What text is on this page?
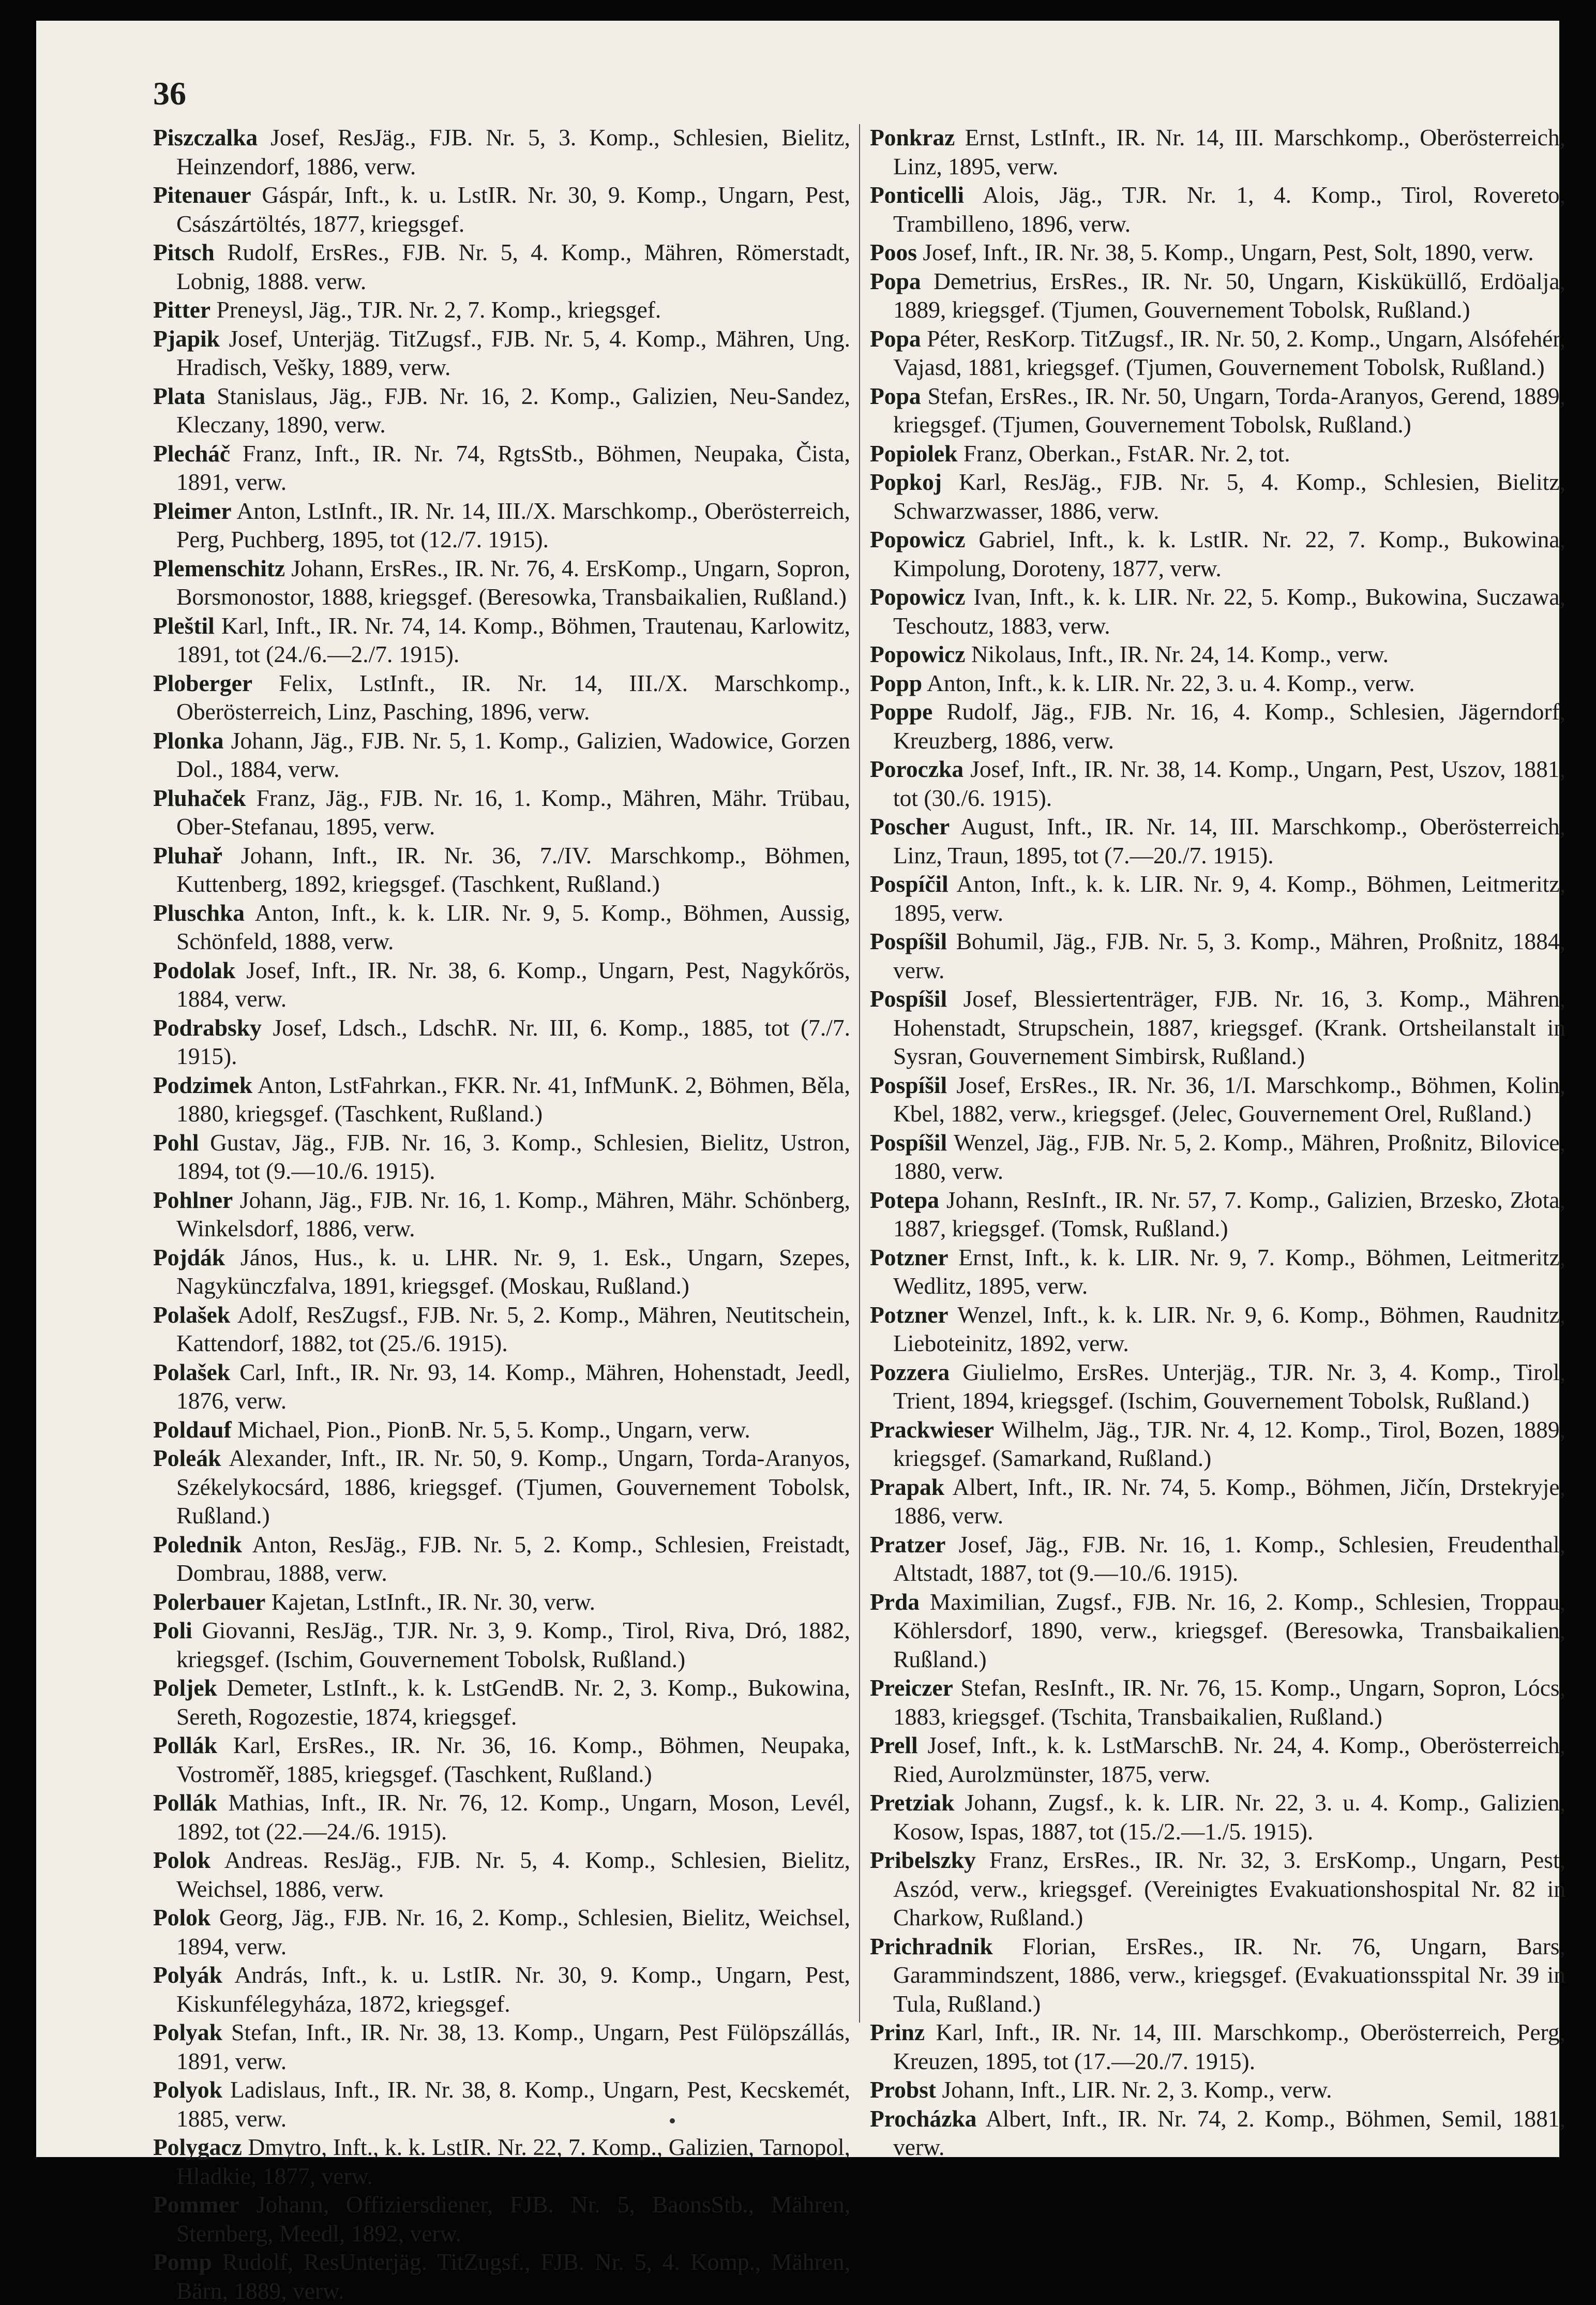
36

Piszczalka Josef, ResJäg., FJB. Nr. 5, 3. Komp., Schlesien, Bielitz, Heinzendorf, 1886, verw.

Pitenauer Gáspár, Inft., k. u. LstIR. Nr. 30, 9. Komp., Ungarn, Pest, Császártöltés, 1877, kriegsgef.

Pitsch Rudolf, ErsRes., FJB. Nr. 5, 4. Komp., Mähren, Römerstadt, Lobnig, 1888. verw.

Pitter Preneysl, Jäg., TJR. Nr. 2, 7. Komp., kriegsgef.

Pjapik Josef, Unterjäg. TitZugsf., FJB. Nr. 5, 4. Komp., Mähren, Ung. Hradisch, Vešky, 1889, verw.

Plata Stanislaus, Jäg., FJB. Nr. 16, 2. Komp., Galizien, Neu-Sandez, Kleczany, 1890, verw.

Plecháč Franz, Inft., IR. Nr. 74, RgtsStb., Böhmen, Neupaka, Čista, 1891, verw.

Pleimer Anton, LstInft., IR. Nr. 14, III./X. Marschkomp., Oberösterreich, Perg, Puchberg, 1895, tot (12./7. 1915).

Plemenschitz Johann, ErsRes., IR. Nr. 76, 4. ErsKomp., Ungarn, Sopron, Borsmonostor, 1888, kriegsgef. (Beresowka, Transbaikalien, Rußland.)

Pleštil Karl, Inft., IR. Nr. 74, 14. Komp., Böhmen, Trautenau, Karlowitz, 1891, tot (24./6.—2./7. 1915).

Ploberger Felix, LstInft., IR. Nr. 14, III./X. Marschkomp., Oberösterreich, Linz, Pasching, 1896, verw.

Plonka Johann, Jäg., FJB. Nr. 5, 1. Komp., Galizien, Wadowice, Gorzen Dol., 1884, verw.

Pluhaček Franz, Jäg., FJB. Nr. 16, 1. Komp., Mähren, Mähr. Trübau, Ober-Stefanau, 1895, verw.

Pluhař Johann, Inft., IR. Nr. 36, 7./IV. Marschkomp., Böhmen, Kuttenberg, 1892, kriegsgef. (Taschkent, Rußland.)

Pluschka Anton, Inft., k. k. LIR. Nr. 9, 5. Komp., Böhmen, Aussig, Schönfeld, 1888, verw.

Podolak Josef, Inft., IR. Nr. 38, 6. Komp., Ungarn, Pest, Nagykőrös, 1884, verw.

Podrabsky Josef, Ldsch., LdschR. Nr. III, 6. Komp., 1885, tot (7./7. 1915).

Podzimek Anton, LstFahrkan., FKR. Nr. 41, InfMunK. 2, Böhmen, Běla, 1880, kriegsgef. (Taschkent, Rußland.)

Pohl Gustav, Jäg., FJB. Nr. 16, 3. Komp., Schlesien, Bielitz, Ustron, 1894, tot (9.—10./6. 1915).

Pohlner Johann, Jäg., FJB. Nr. 16, 1. Komp., Mähren, Mähr. Schönberg, Winkelsdorf, 1886, verw.

Pojdák János, Hus., k. u. LHR. Nr. 9, 1. Esk., Ungarn, Szepes, Nagykünczfalva, 1891, kriegsgef. (Moskau, Rußland.)

Polašek Adolf, ResZugsf., FJB. Nr. 5, 2. Komp., Mähren, Neutitschein, Kattendorf, 1882, tot (25./6. 1915).

Polašek Carl, Inft., IR. Nr. 93, 14. Komp., Mähren, Hohenstadt, Jeedl, 1876, verw.

Poldauf Michael, Pion., PionB. Nr. 5, 5. Komp., Ungarn, verw.

Poleák Alexander, Inft., IR. Nr. 50, 9. Komp., Ungarn, Torda-Aranyos, Székelykocsárd, 1886, kriegsgef. (Tjumen, Gouvernement Tobolsk, Rußland.)

Polednik Anton, ResJäg., FJB. Nr. 5, 2. Komp., Schlesien, Freistadt, Dombrau, 1888, verw.

Polerbauer Kajetan, LstInft., IR. Nr. 30, verw.

Poli Giovanni, ResJäg., TJR. Nr. 3, 9. Komp., Tirol, Riva, Dró, 1882, kriegsgef. (Ischim, Gouvernement Tobolsk, Rußland.)

Poljek Demeter, LstInft., k. k. LstGendB. Nr. 2, 3. Komp., Bukowina, Sereth, Rogozestie, 1874, kriegsgef.

Pollák Karl, ErsRes., IR. Nr. 36, 16. Komp., Böhmen, Neupaka, Vostroměř, 1885, kriegsgef. (Taschkent, Rußland.)

Pollák Mathias, Inft., IR. Nr. 76, 12. Komp., Ungarn, Moson, Levél, 1892, tot (22.—24./6. 1915).

Polok Andreas. ResJäg., FJB. Nr. 5, 4. Komp., Schlesien, Bielitz, Weichsel, 1886, verw.

Polok Georg, Jäg., FJB. Nr. 16, 2. Komp., Schlesien, Bielitz, Weichsel, 1894, verw.

Polyák András, Inft., k. u. LstIR. Nr. 30, 9. Komp., Ungarn, Pest, Kiskunfélegyháza, 1872, kriegsgef.

Polyak Stefan, Inft., IR. Nr. 38, 13. Komp., Ungarn, Pest Fülöpszállás, 1891, verw.

Polyok Ladislaus, Inft., IR. Nr. 38, 8. Komp., Ungarn, Pest, Kecskemét, 1885, verw.

Polygacz Dmytro, Inft., k. k. LstIR. Nr. 22, 7. Komp., Galizien, Tarnopol, Hladkie, 1877, verw.

Pommer Johann, Offiziersdiener, FJB. Nr. 5, BaonsStb., Mähren, Sternberg, Meedl, 1892, verw.

Pomp Rudolf, ResUnterjäg. TitZugsf., FJB. Nr. 5, 4. Komp., Mähren, Bärn, 1889, verw.

Ponkraz Ernst, LstInft., IR. Nr. 14, III. Marschkomp., Oberösterreich, Linz, 1895, verw.

Ponticelli Alois, Jäg., TJR. Nr. 1, 4. Komp., Tirol, Rovereto, Trambilleno, 1896, verw.

Poos Josef, Inft., IR. Nr. 38, 5. Komp., Ungarn, Pest, Solt, 1890, verw.

Popa Demetrius, ErsRes., IR. Nr. 50, Ungarn, Kisküküllő, Erdöalja, 1889, kriegsgef. (Tjumen, Gouvernement Tobolsk, Rußland.)

Popa Péter, ResKorp. TitZugsf., IR. Nr. 50, 2. Komp., Ungarn, Alsófehér, Vajasd, 1881, kriegsgef. (Tjumen, Gouvernement Tobolsk, Rußland.)

Popa Stefan, ErsRes., IR. Nr. 50, Ungarn, Torda-Aranyos, Gerend, 1889, kriegsgef. (Tjumen, Gouvernement Tobolsk, Rußland.)

Popiolek Franz, Oberkan., FstAR. Nr. 2, tot.

Popkoj Karl, ResJäg., FJB. Nr. 5, 4. Komp., Schlesien, Bielitz, Schwarzwasser, 1886, verw.

Popowicz Gabriel, Inft., k. k. LstIR. Nr. 22, 7. Komp., Bukowina, Kimpolung, Doroteny, 1877, verw.

Popowicz Ivan, Inft., k. k. LIR. Nr. 22, 5. Komp., Bukowina, Suczawa, Teschoutz, 1883, verw.

Popowicz Nikolaus, Inft., IR. Nr. 24, 14. Komp., verw.

Popp Anton, Inft., k. k. LIR. Nr. 22, 3. u. 4. Komp., verw.

Poppe Rudolf, Jäg., FJB. Nr. 16, 4. Komp., Schlesien, Jägerndorf, Kreuzberg, 1886, verw.

Poroczka Josef, Inft., IR. Nr. 38, 14. Komp., Ungarn, Pest, Uszov, 1881, tot (30./6. 1915).

Poscher August, Inft., IR. Nr. 14, III. Marschkomp., Oberösterreich, Linz, Traun, 1895, tot (7.—20./7. 1915).

Pospíčil Anton, Inft., k. k. LIR. Nr. 9, 4. Komp., Böhmen, Leitmeritz, 1895, verw.

Pospíšil Bohumil, Jäg., FJB. Nr. 5, 3. Komp., Mähren, Proßnitz, 1884, verw.

Pospíšil Josef, Blessiertenträger, FJB. Nr. 16, 3. Komp., Mähren, Hohenstadt, Strupschein, 1887, kriegsgef. (Krank. Ortsheilanstalt in Sysran, Gouvernement Simbirsk, Rußland.)

Pospíšil Josef, ErsRes., IR. Nr. 36, 1/I. Marschkomp., Böhmen, Kolin, Kbel, 1882, verw., kriegsgef. (Jelec, Gouvernement Orel, Rußland.)

Pospíšil Wenzel, Jäg., FJB. Nr. 5, 2. Komp., Mähren, Proßnitz, Bilovice, 1880, verw.

Potepa Johann, ResInft., IR. Nr. 57, 7. Komp., Galizien, Brzesko, Złota, 1887, kriegsgef. (Tomsk, Rußland.)

Potzner Ernst, Inft., k. k. LIR. Nr. 9, 7. Komp., Böhmen, Leitmeritz, Wedlitz, 1895, verw.

Potzner Wenzel, Inft., k. k. LIR. Nr. 9, 6. Komp., Böhmen, Raudnitz, Lieboteinitz, 1892, verw.

Pozzera Giulielmo, ErsRes. Unterjäg., TJR. Nr. 3, 4. Komp., Tirol, Trient, 1894, kriegsgef. (Ischim, Gouvernement Tobolsk, Rußland.)

Prackwieser Wilhelm, Jäg., TJR. Nr. 4, 12. Komp., Tirol, Bozen, 1889, kriegsgef. (Samarkand, Rußland.)

Prapak Albert, Inft., IR. Nr. 74, 5. Komp., Böhmen, Jičín, Drstekryje, 1886, verw.

Pratzer Josef, Jäg., FJB. Nr. 16, 1. Komp., Schlesien, Freudenthal, Altstadt, 1887, tot (9.—10./6. 1915).

Prda Maximilian, Zugsf., FJB. Nr. 16, 2. Komp., Schlesien, Troppau, Köhlersdorf, 1890, verw., kriegsgef. (Beresowka, Transbaikalien, Rußland.)

Preiczer Stefan, ResInft., IR. Nr. 76, 15. Komp., Ungarn, Sopron, Lócs, 1883, kriegsgef. (Tschita, Transbaikalien, Rußland.)

Prell Josef, Inft., k. k. LstMarschB. Nr. 24, 4. Komp., Oberösterreich, Ried, Aurolzmünster, 1875, verw.

Pretziak Johann, Zugsf., k. k. LIR. Nr. 22, 3. u. 4. Komp., Galizien, Kosow, Ispas, 1887, tot (15./2.—1./5. 1915).

Pribelszky Franz, ErsRes., IR. Nr. 32, 3. ErsKomp., Ungarn, Pest, Aszód, verw., kriegsgef. (Vereinigtes Evakuationshospital Nr. 82 in Charkow, Rußland.)

Prichradnik Florian, ErsRes., IR. Nr. 76, Ungarn, Bars, Garammindszent, 1886, verw., kriegsgef. (Evakuationsspital Nr. 39 in Tula, Rußland.)

Prinz Karl, Inft., IR. Nr. 14, III. Marschkomp., Oberösterreich, Perg, Kreuzen, 1895, tot (17.—20./7. 1915).

Probst Johann, Inft., LIR. Nr. 2, 3. Komp., verw.

Procházka Albert, Inft., IR. Nr. 74, 2. Komp., Böhmen, Semil, 1881, verw.
